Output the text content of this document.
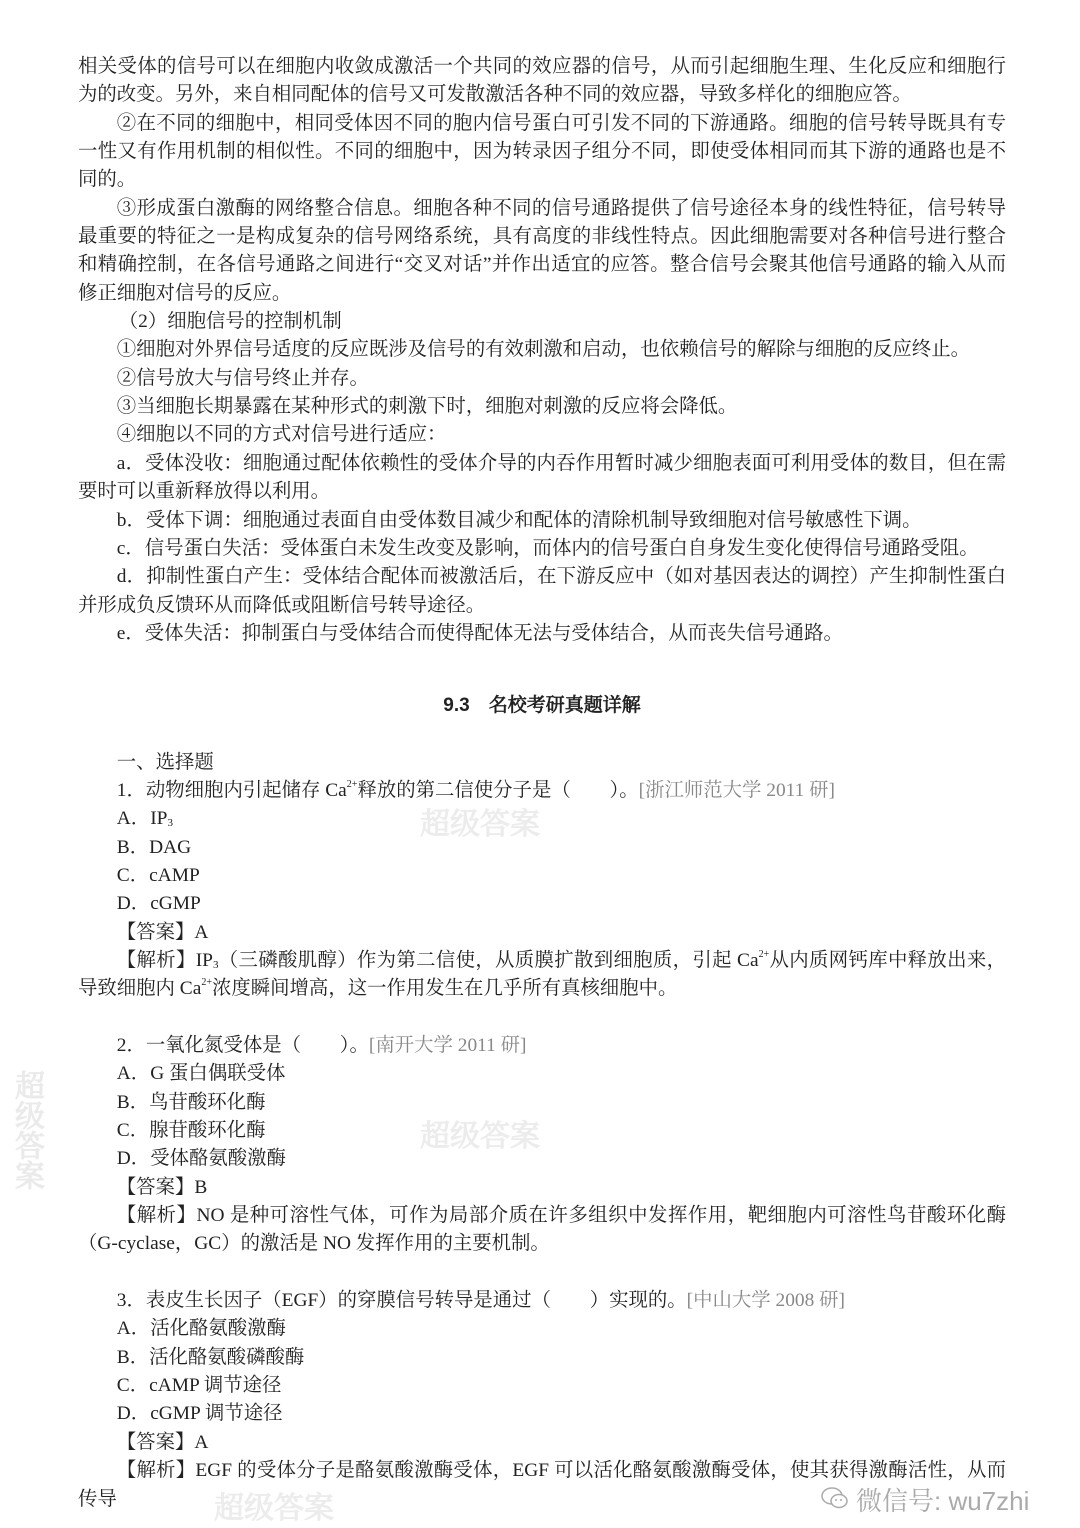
超级答案
超级答案
超级答案
超级答案

相关受体的信号可以在细胞内收敛成激活一个共同的效应器的信号，从而引起细胞生理、生化反应和细胞行为的改变。另外，来自相同配体的信号又可发散激活各种不同的效应器，导致多样化的细胞应答。

②在不同的细胞中，相同受体因不同的胞内信号蛋白可引发不同的下游通路。细胞的信号转导既具有专一性又有作用机制的相似性。不同的细胞中，因为转录因子组分不同，即使受体相同而其下游的通路也是不同的。

③形成蛋白激酶的网络整合信息。细胞各种不同的信号通路提供了信号途径本身的线性特征，信号转导最重要的特征之一是构成复杂的信号网络系统，具有高度的非线性特点。因此细胞需要对各种信号进行整合和精确控制，在各信号通路之间进行“交叉对话”并作出适宜的应答。整合信号会聚其他信号通路的输入从而修正细胞对信号的反应。

（2）细胞信号的控制机制

①细胞对外界信号适度的反应既涉及信号的有效刺激和启动，也依赖信号的解除与细胞的反应终止。

②信号放大与信号终止并存。

③当细胞长期暴露在某种形式的刺激下时，细胞对刺激的反应将会降低。

④细胞以不同的方式对信号进行适应：

a．受体没收：细胞通过配体依赖性的受体介导的内吞作用暂时减少细胞表面可利用受体的数目，但在需要时可以重新释放得以利用。

b．受体下调：细胞通过表面自由受体数目减少和配体的清除机制导致细胞对信号敏感性下调。

c．信号蛋白失活：受体蛋白未发生改变及影响，而体内的信号蛋白自身发生变化使得信号通路受阻。

d．抑制性蛋白产生：受体结合配体而被激活后，在下游反应中（如对基因表达的调控）产生抑制性蛋白并形成负反馈环从而降低或阻断信号转导途径。

e．受体失活：抑制蛋白与受体结合而使得配体无法与受体结合，从而丧失信号通路。

9.3　名校考研真题详解

一、选择题

1．动物细胞内引起储存 $Ca^{2+}$释放的第二信使分子是（　　）。[浙江师范大学 2011 研]

A．$IP_3$

B．DAG

C．cAMP

D．cGMP

【答案】A

【解析】$IP_3$（三磷酸肌醇）作为第二信使，从质膜扩散到细胞质，引起 $Ca^{2+}$从内质网钙库中释放出来，导致细胞内 $Ca^{2+}$浓度瞬间增高，这一作用发生在几乎所有真核细胞中。

2．一氧化氮受体是（　　）。[南开大学 2011 研]

A．G 蛋白偶联受体

B．鸟苷酸环化酶

C．腺苷酸环化酶

D．受体酪氨酸激酶

【答案】B

【解析】NO 是种可溶性气体，可作为局部介质在许多组织中发挥作用，靶细胞内可溶性鸟苷酸环化酶（G-cyclase，GC）的激活是 NO 发挥作用的主要机制。

3．表皮生长因子（EGF）的穿膜信号转导是通过（　　）实现的。[中山大学 2008 研]

A．活化酪氨酸激酶

B．活化酪氨酸磷酸酶

C．cAMP 调节途径

D．cGMP 调节途径

【答案】A

【解析】EGF 的受体分子是酪氨酸激酶受体，EGF 可以活化酪氨酸激酶受体，使其获得激酶活性，从而传导	微信号: wu7zhi
